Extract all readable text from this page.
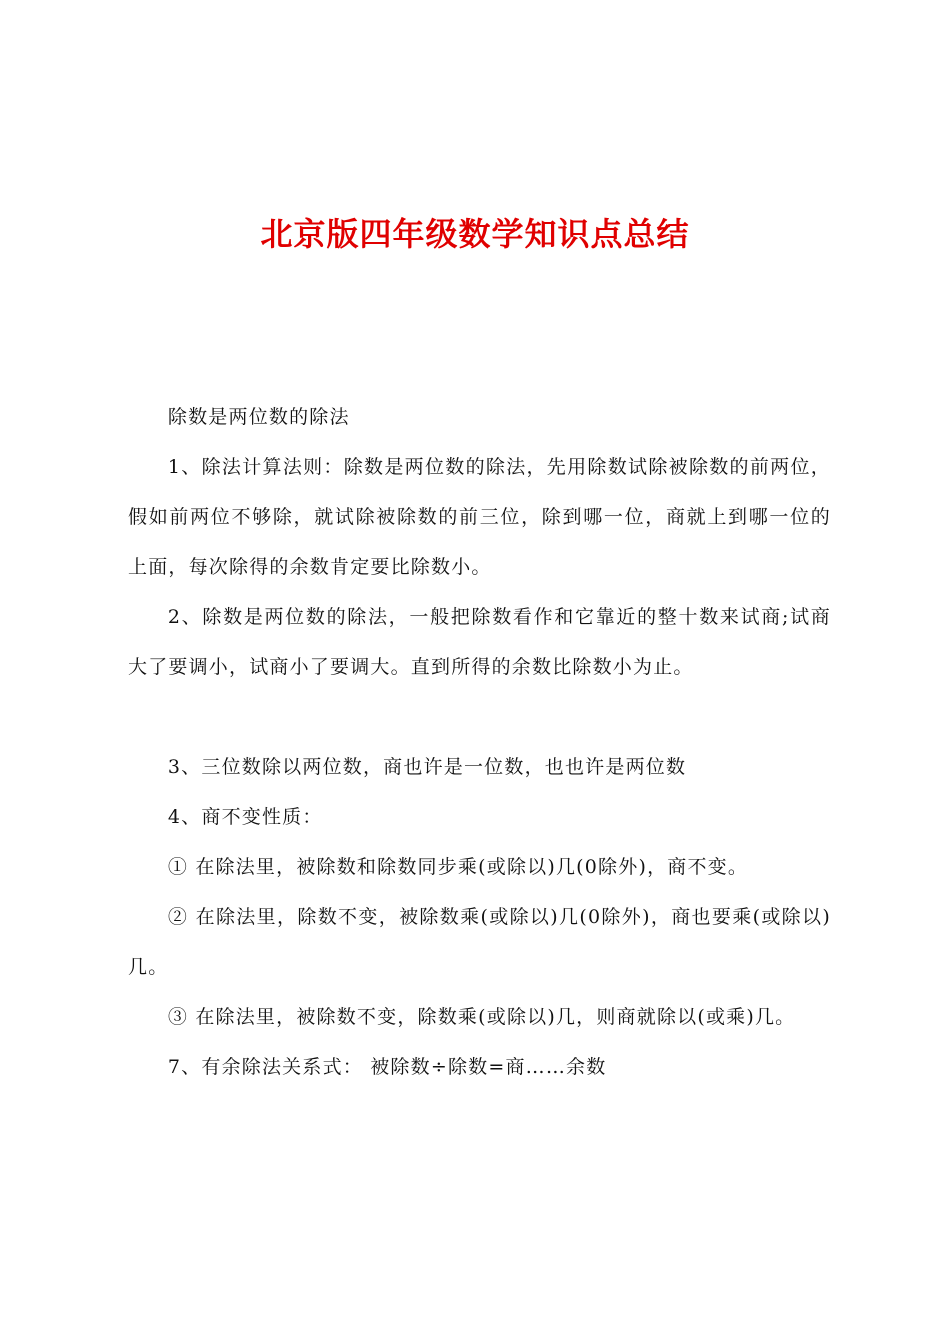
北京版四年级数学知识点总结

除数是两位数的除法

1、除法计算法则：除数是两位数的除法，先用除数试除被除数的前两位，假如前两位不够除，就试除被除数的前三位，除到哪一位，商就上到哪一位的上面，每次除得的余数肯定要比除数小。

2、除数是两位数的除法，一般把除数看作和它靠近的整十数来试商;试商大了要调小，试商小了要调大。直到所得的余数比除数小为止。

3、三位数除以两位数，商也许是一位数，也也许是两位数

4、商不变性质：

① 在除法里，被除数和除数同步乘(或除以)几(0除外)，商不变。

② 在除法里，除数不变，被除数乘(或除以)几(0除外)，商也要乘(或除以)几。

③ 在除法里，被除数不变，除数乘(或除以)几，则商就除以(或乘)几。

7、有余除法关系式： 被除数÷除数=商……余数
